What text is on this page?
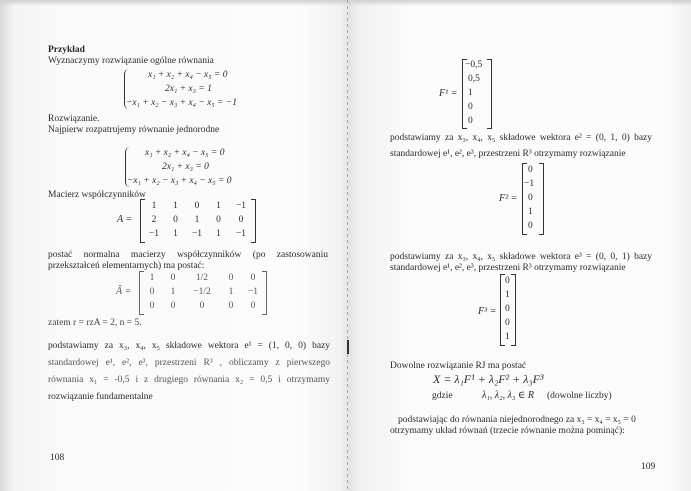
Przykład
Wyznaczymy rozwiązanie ogólne równania
x₁ + x₂ + x₄ − x₅ = 0
2x₁ + x₃ = 1
−x₁ + x₂ − x₃ + x₄ − x₅ = −1
Rozwiązanie.
Najpierw rozpatrujemy równanie jednorodne
x₁ + x₂ + x₄ − x₅ = 0
2x₁ + x₃ = 0
−x₁ + x₂ − x₃ + x₄ − x₅ = 0
Macierz współczynników
A =
1	1	0	1	−1
2	0	1	0	0
−1	1	−1	1	−1
postać normalna macierzy współczynników (po zastosowaniu
przekształceń elementarnych) ma postać:
Ã =
1	0	1/2	0	0
0	1	−1/2	1	−1
0	0	0	0	0
zatem r = rzA = 2, n = 5.
podstawiamy za x₃, x₄, x₅ składowe wektora e¹ = (1, 0, 0) bazy
standardowej e¹, e², e³, przestrzeni R³ , obliczamy z pierwszego
równania x₁ = -0,5 i z drugiego równania x₂ = 0,5 i otrzymamy
rozwiązanie fundamentalne
108
F¹ =
−0,5
0,5
1
0
0
podstawiamy za x₃, x₄, x₅ składowe wektora e² = (0, 1, 0) bazy
standardowej e¹, e², e³, przestrzeni R³ otrzymamy rozwiązanie
F² =
0
−1
0
1
0
podstawiamy za x₃, x₄, x₅ składowe wektora e³ = (0, 0, 1) bazy
standardowej e¹, e², e³, przestrzeni R³ otrzymamy rozwiązanie
F³ =
0
1
0
0
1
Dowolne rozwiązanie RJ ma postać
X = λ₁F¹ + λ₂F² + λ₃F³
gdzie	λ₁, λ₂, λ₃ ∈ R (dowolne liczby)
podstawiając do równania niejednorodnego za x₃ = x₄ = x₅ = 0
otrzymamy układ równań (trzecie równanie można pominąć):
109
